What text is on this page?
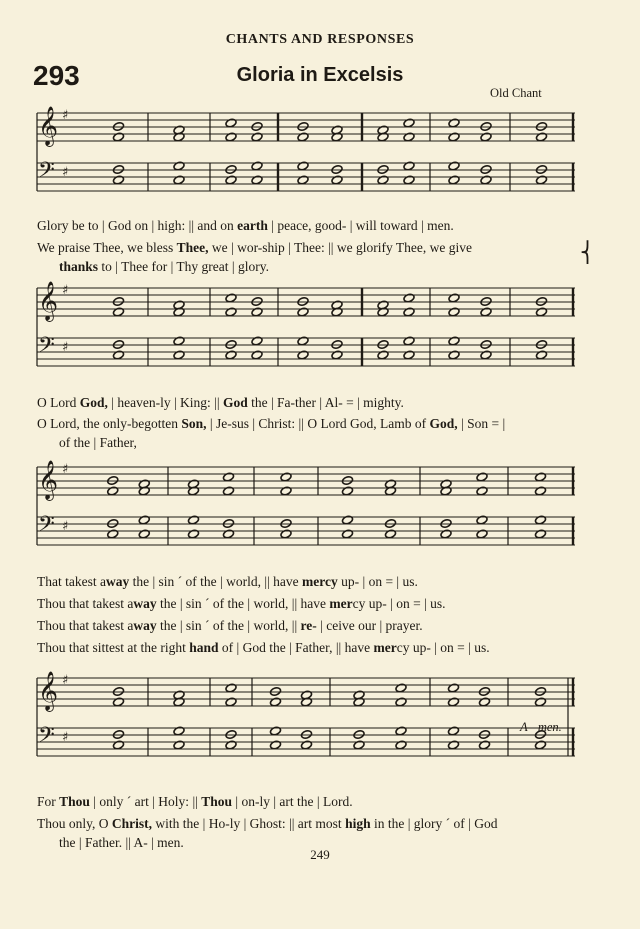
CHANTS AND RESPONSES
293	Gloria in Excelsis
Old Chant
𝄞 ♯
𝄢 ♯
𝄞 ♯
𝄢 ♯
𝄞 ♯
𝄢 ♯
𝄞 ♯
𝄢 ♯
Glory be to | God on | high: || and on earth | peace, good- | will toward | men.
We praise Thee, we bless Thee, we | wor-ship | Thee: || we glorify Thee, we give
thanks to | Thee for | Thy great | glory.
⎨
O Lord God, | heaven-ly | King: || God the | Fa-ther | Al- = | mighty.
O Lord, the only-begotten Son, | Je-sus | Christ: || O Lord God, Lamb of God, | Son = |
of the | Father,
That takest away the | sin ˊ of the | world, || have mercy up- | on = | us.
Thou that takest away the | sin ˊ of the | world, || have mercy up- | on = | us.
Thou that takest away the | sin ˊ of the | world, || re- | ceive our | prayer.
Thou that sittest at the right hand of | God the | Father, || have mercy up- | on = | us.
A - men.
For Thou | only ˊ art | Holy: || Thou | on-ly | art the | Lord.
Thou only, O Christ, with the | Ho-ly | Ghost: || art most high in the | glory ˊ of | God
the | Father. || A- | men.
249
